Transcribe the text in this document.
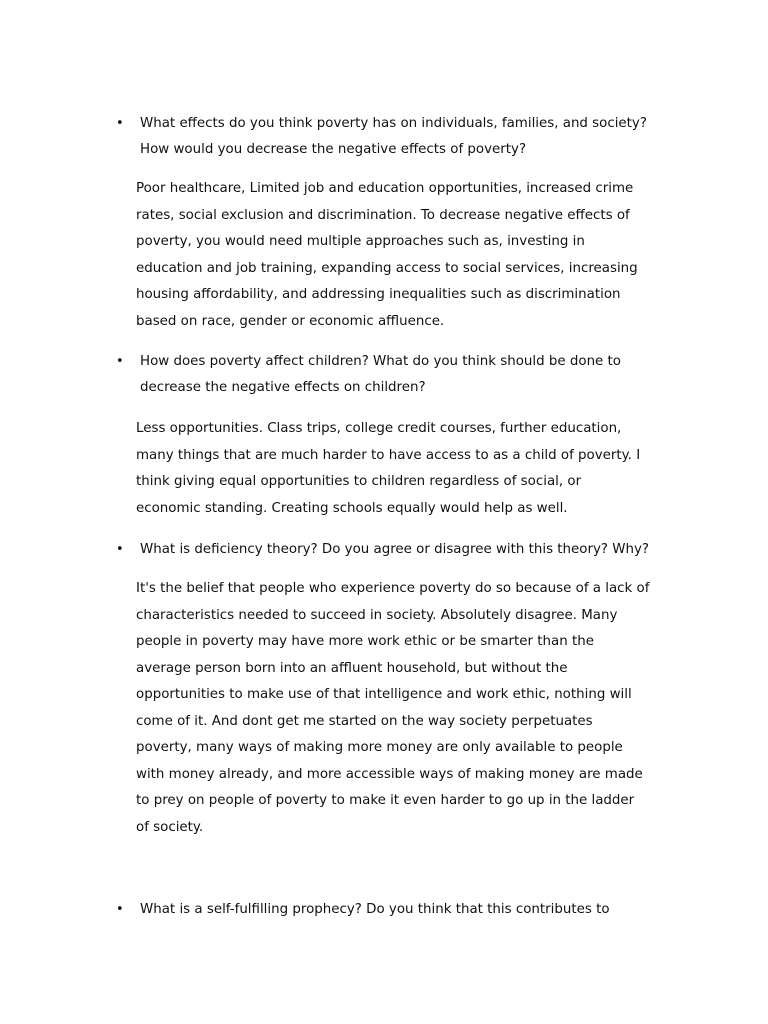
• What effects do you think poverty has on individuals, families, and society?
How would you decrease the negative effects of poverty?

Poor healthcare, Limited job and education opportunities, increased crime
rates, social exclusion and discrimination. To decrease negative effects of
poverty, you would need multiple approaches such as, investing in
education and job training, expanding access to social services, increasing
housing affordability, and addressing inequalities such as discrimination
based on race, gender or economic affluence.
• How does poverty affect children? What do you think should be done to
decrease the negative effects on children?

Less opportunities. Class trips, college credit courses, further education,
many things that are much harder to have access to as a child of poverty. I
think giving equal opportunities to children regardless of social, or
economic standing. Creating schools equally would help as well.
• What is deficiency theory? Do you agree or disagree with this theory? Why?

It's the belief that people who experience poverty do so because of a lack of
characteristics needed to succeed in society. Absolutely disagree. Many
people in poverty may have more work ethic or be smarter than the
average person born into an affluent household, but without the
opportunities to make use of that intelligence and work ethic, nothing will
come of it. And dont get me started on the way society perpetuates
poverty, many ways of making more money are only available to people
with money already, and more accessible ways of making money are made
to prey on people of poverty to make it even harder to go up in the ladder
of society.
• What is a self-fulfilling prophecy? Do you think that this contributes to
